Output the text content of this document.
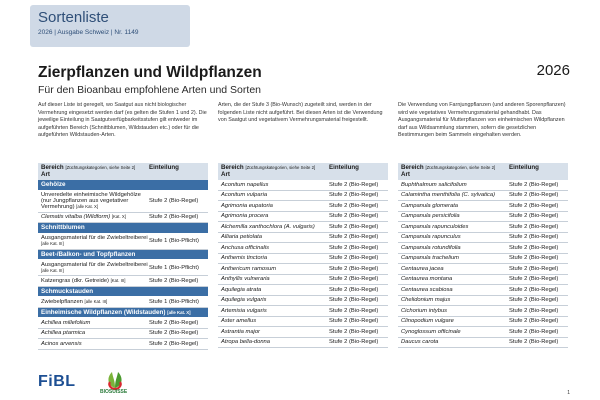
Sortenliste
2026 | Ausgabe Schweiz | Nr. 1149
Zierpflanzen und Wildpflanzen	2026
Für den Bioanbau empfohlene Arten und Sorten
Auf dieser Liste ist geregelt, wo Saatgut aus nicht biologischer Vermehrung eingesetzt werden darf (es gelten die Stufen 1 und 2). Die jeweilige Einteilung in Saatgutverfügbarkeitsstufen gilt entweder im aufgeführten Bereich (Schnittblumen, Wildstauden etc.) oder für die aufgeführten Wildstauden-Arten.
Arten, die der Stufe 3 (Bio-Wunsch) zugeteilt sind, werden in der folgenden Liste nicht aufgeführt. Bei diesen Arten ist die Verwendung von Saatgut und vegetativem Vermehrungsmaterial freigestellt.
Die Verwendung von Farnjungpflanzen (und anderen Sporenpflanzen) wird wie vegetatives Vermehrungsmaterial gehandhabt. Das Ausgangsmaterial für Mutterpflanzen von einheimischen Wildpflanzen darf aus Wildsammlung stammen, sofern die gesetzlichen Bestimmungen beim Sammeln eingehalten werden.
Bereich [Züchtungskategorien, siehe Seite 2]
Art
Einteilung
Gehölze
Unveredelte einheimische Wildgehölze (nur Jungpflanzen aus vegetativer Vermehrung) [alle Kat. X]
Stufe 2 (Bio-Regel)
Clematis vitalba (Wildform) [Kat. X]	Stufe 2 (Bio-Regel)
Schnittblumen
Ausgangsmaterial für die Zwiebeltreiberei [alle Kat. III]	Stufe 1 (Bio-Pflicht)
Beet-/Balkon- und Topfpflanzen
Ausgangsmaterial für die Zwiebeltreiberei [alle Kat. III]	Stufe 1 (Bio-Pflicht)
Katzengras (dkr. Getreide) [Kat. III]	Stufe 2 (Bio-Regel)
Schmuckstauden
Zwiebelpflanzen [alle Kat. III]	Stufe 1 (Bio-Pflicht)
Einheimische Wildpflanzen (Wildstauden)
[alle Kat. X]
Achillea millefolium	Stufe 2 (Bio-Regel)
Achillea ptarmica	Stufe 2 (Bio-Regel)
Acinos arvensis	Stufe 2 (Bio-Regel)
Bereich [Züchtungskategorien, siehe Seite 2]
Art
Einteilung
Aconitum napellus	Stufe 2 (Bio-Regel)
Aconitum vulparia	Stufe 2 (Bio-Regel)
Agrimonia eupatoria	Stufe 2 (Bio-Regel)
Agrimonia procera	Stufe 2 (Bio-Regel)
Alchemilla xanthochlora (A. vulgaris)	Stufe 2 (Bio-Regel)
Alliaria petiolata	Stufe 2 (Bio-Regel)
Anchusa officinalis	Stufe 2 (Bio-Regel)
Anthemis tinctoria	Stufe 2 (Bio-Regel)
Anthericum ramosum	Stufe 2 (Bio-Regel)
Anthyllis vulneraria	Stufe 2 (Bio-Regel)
Aquilegia atrata	Stufe 2 (Bio-Regel)
Aquilegia vulgaris	Stufe 2 (Bio-Regel)
Artemisia vulgaris	Stufe 2 (Bio-Regel)
Aster amellus	Stufe 2 (Bio-Regel)
Astrantia major	Stufe 2 (Bio-Regel)
Atropa bella-donna	Stufe 2 (Bio-Regel)
Bereich [Züchtungskategorien, siehe Seite 2]
Art
Einteilung
Buphthalmum salicifolium	Stufe 2 (Bio-Regel)
Calamintha menthifolia (C. sylvatica)	Stufe 2 (Bio-Regel)
Campanula glomerata	Stufe 2 (Bio-Regel)
Campanula persicifolia	Stufe 2 (Bio-Regel)
Campanula rapunculoides	Stufe 2 (Bio-Regel)
Campanula rapunculus	Stufe 2 (Bio-Regel)
Campanula rotundifolia	Stufe 2 (Bio-Regel)
Campanula trachelium	Stufe 2 (Bio-Regel)
Centaurea jacea	Stufe 2 (Bio-Regel)
Centaurea montana	Stufe 2 (Bio-Regel)
Centaurea scabiosa	Stufe 2 (Bio-Regel)
Chelidonium majus	Stufe 2 (Bio-Regel)
Cichorium intybus	Stufe 2 (Bio-Regel)
Clinopodium vulgare	Stufe 2 (Bio-Regel)
Cynoglossum officinale	Stufe 2 (Bio-Regel)
Daucus carota	Stufe 2 (Bio-Regel)
FiBL
BIOSUISSE	1
